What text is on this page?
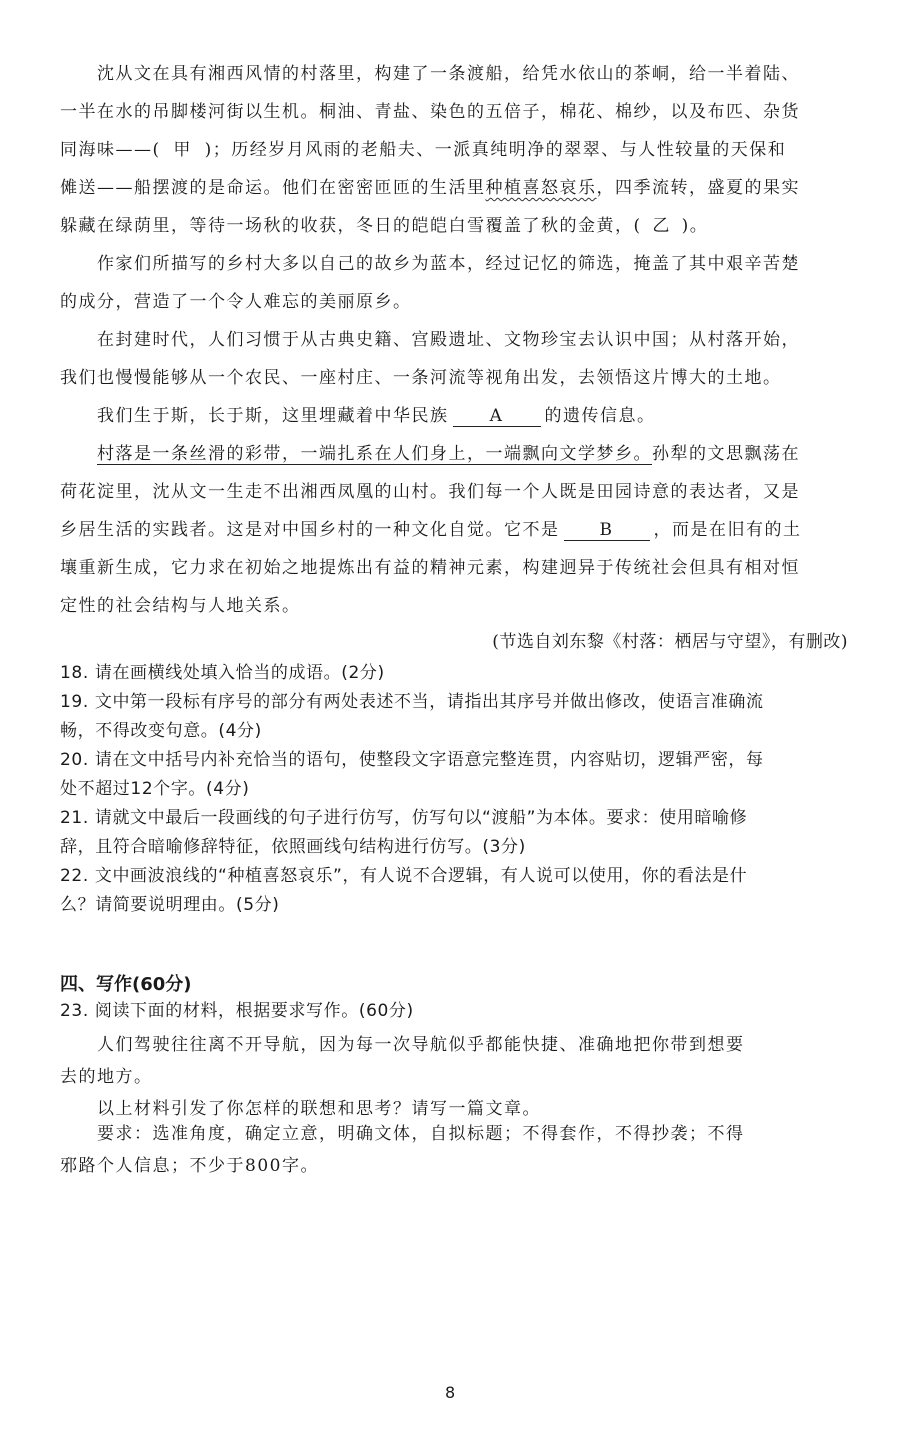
沈从文在具有湘西风情的村落里，构建了一条渡船，给凭水依山的茶峒，给一半着陆、
一半在水的吊脚楼河街以生机。桐油、青盐、染色的五倍子，棉花、棉纱，以及布匹、杂货
同海味——( 甲 )；历经岁月风雨的老船夫、一派真纯明净的翠翠、与人性较量的天保和
傩送——船摆渡的是命运。他们在密密匝匝的生活里种植喜怒哀乐，四季流转，盛夏的果实
躲藏在绿荫里，等待一场秋的收获，冬日的皑皑白雪覆盖了秋的金黄，( 乙 )。
作家们所描写的乡村大多以自己的故乡为蓝本，经过记忆的筛选，掩盖了其中艰辛苦楚
的成分，营造了一个令人难忘的美丽原乡。
在封建时代，人们习惯于从古典史籍、宫殿遗址、文物珍宝去认识中国；从村落开始，
我们也慢慢能够从一个农民、一座村庄、一条河流等视角出发，去领悟这片博大的土地。
我们生于斯，长于斯，这里埋藏着中华民族 A 的遗传信息。
村落是一条丝滑的彩带，一端扎系在人们身上，一端飘向文学梦乡。孙犁的文思飘荡在
荷花淀里，沈从文一生走不出湘西凤凰的山村。我们每一个人既是田园诗意的表达者，又是
乡居生活的实践者。这是对中国乡村的一种文化自觉。它不是 B ，而是在旧有的土
壤重新生成，它力求在初始之地提炼出有益的精神元素，构建迥异于传统社会但具有相对恒
定性的社会结构与人地关系。
(节选自刘东黎《村落：栖居与守望》，有删改)
18. 请在画横线处填入恰当的成语。(2分)
19. 文中第一段标有序号的部分有两处表述不当，请指出其序号并做出修改，使语言准确流
畅，不得改变句意。(4分)
20. 请在文中括号内补充恰当的语句，使整段文字语意完整连贯，内容贴切，逻辑严密，每
处不超过12个字。(4分)
21. 请就文中最后一段画线的句子进行仿写，仿写句以“渡船”为本体。要求：使用暗喻修
辞，且符合暗喻修辞特征，依照画线句结构进行仿写。(3分)
22. 文中画波浪线的“种植喜怒哀乐”，有人说不合逻辑，有人说可以使用，你的看法是什
么？请简要说明理由。(5分)
四、写作(60分)
23. 阅读下面的材料，根据要求写作。(60分)
人们驾驶往往离不开导航，因为每一次导航似乎都能快捷、准确地把你带到想要
去的地方。
以上材料引发了你怎样的联想和思考？请写一篇文章。
要求：选准角度，确定立意，明确文体，自拟标题；不得套作，不得抄袭；不得
邪路个人信息；不少于800字。
8
